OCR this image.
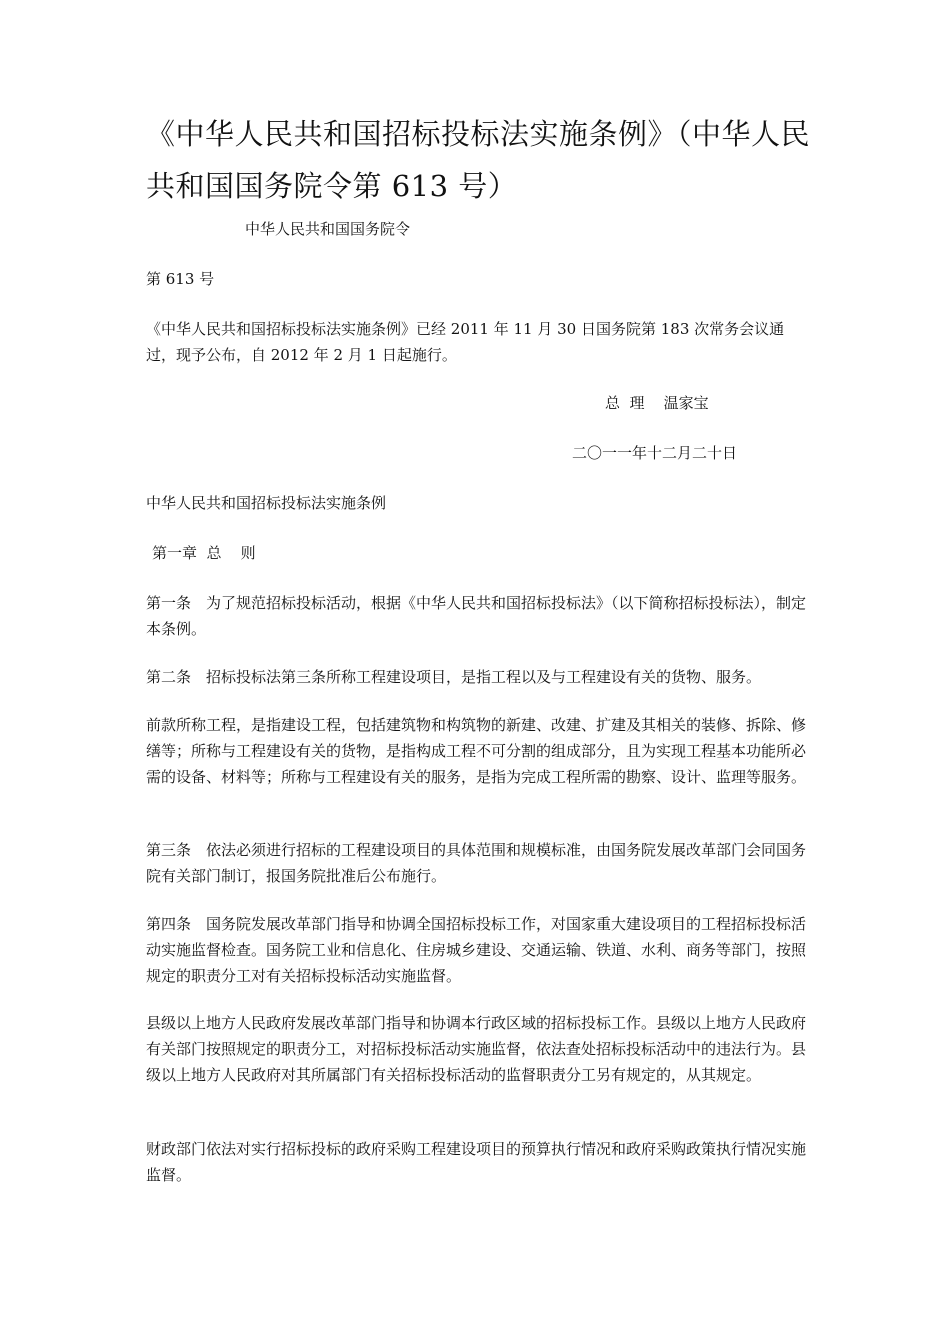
《中华人民共和国招标投标法实施条例》（中华人民共和国国务院令第 613 号）

中华人民共和国国务院令

第 613 号

《中华人民共和国招标投标法实施条例》已经 2011 年 11 月 30 日国务院第 183 次常务会议通过，现予公布，自 2012 年 2 月 1 日起施行。

总  理    温家宝

二〇一一年十二月二十日

中华人民共和国招标投标法实施条例

第一章  总    则

第一条　为了规范招标投标活动，根据《中华人民共和国招标投标法》（以下简称招标投标法），制定本条例。

第二条　招标投标法第三条所称工程建设项目，是指工程以及与工程建设有关的货物、服务。

前款所称工程，是指建设工程，包括建筑物和构筑物的新建、改建、扩建及其相关的装修、拆除、修缮等；所称与工程建设有关的货物，是指构成工程不可分割的组成部分，且为实现工程基本功能所必需的设备、材料等；所称与工程建设有关的服务，是指为完成工程所需的勘察、设计、监理等服务。

第三条　依法必须进行招标的工程建设项目的具体范围和规模标准，由国务院发展改革部门会同国务院有关部门制订，报国务院批准后公布施行。

第四条　国务院发展改革部门指导和协调全国招标投标工作，对国家重大建设项目的工程招标投标活动实施监督检查。国务院工业和信息化、住房城乡建设、交通运输、铁道、水利、商务等部门，按照规定的职责分工对有关招标投标活动实施监督。

县级以上地方人民政府发展改革部门指导和协调本行政区域的招标投标工作。县级以上地方人民政府有关部门按照规定的职责分工，对招标投标活动实施监督，依法查处招标投标活动中的违法行为。县级以上地方人民政府对其所属部门有关招标投标活动的监督职责分工另有规定的，从其规定。

财政部门依法对实行招标投标的政府采购工程建设项目的预算执行情况和政府采购政策执行情况实施监督。
